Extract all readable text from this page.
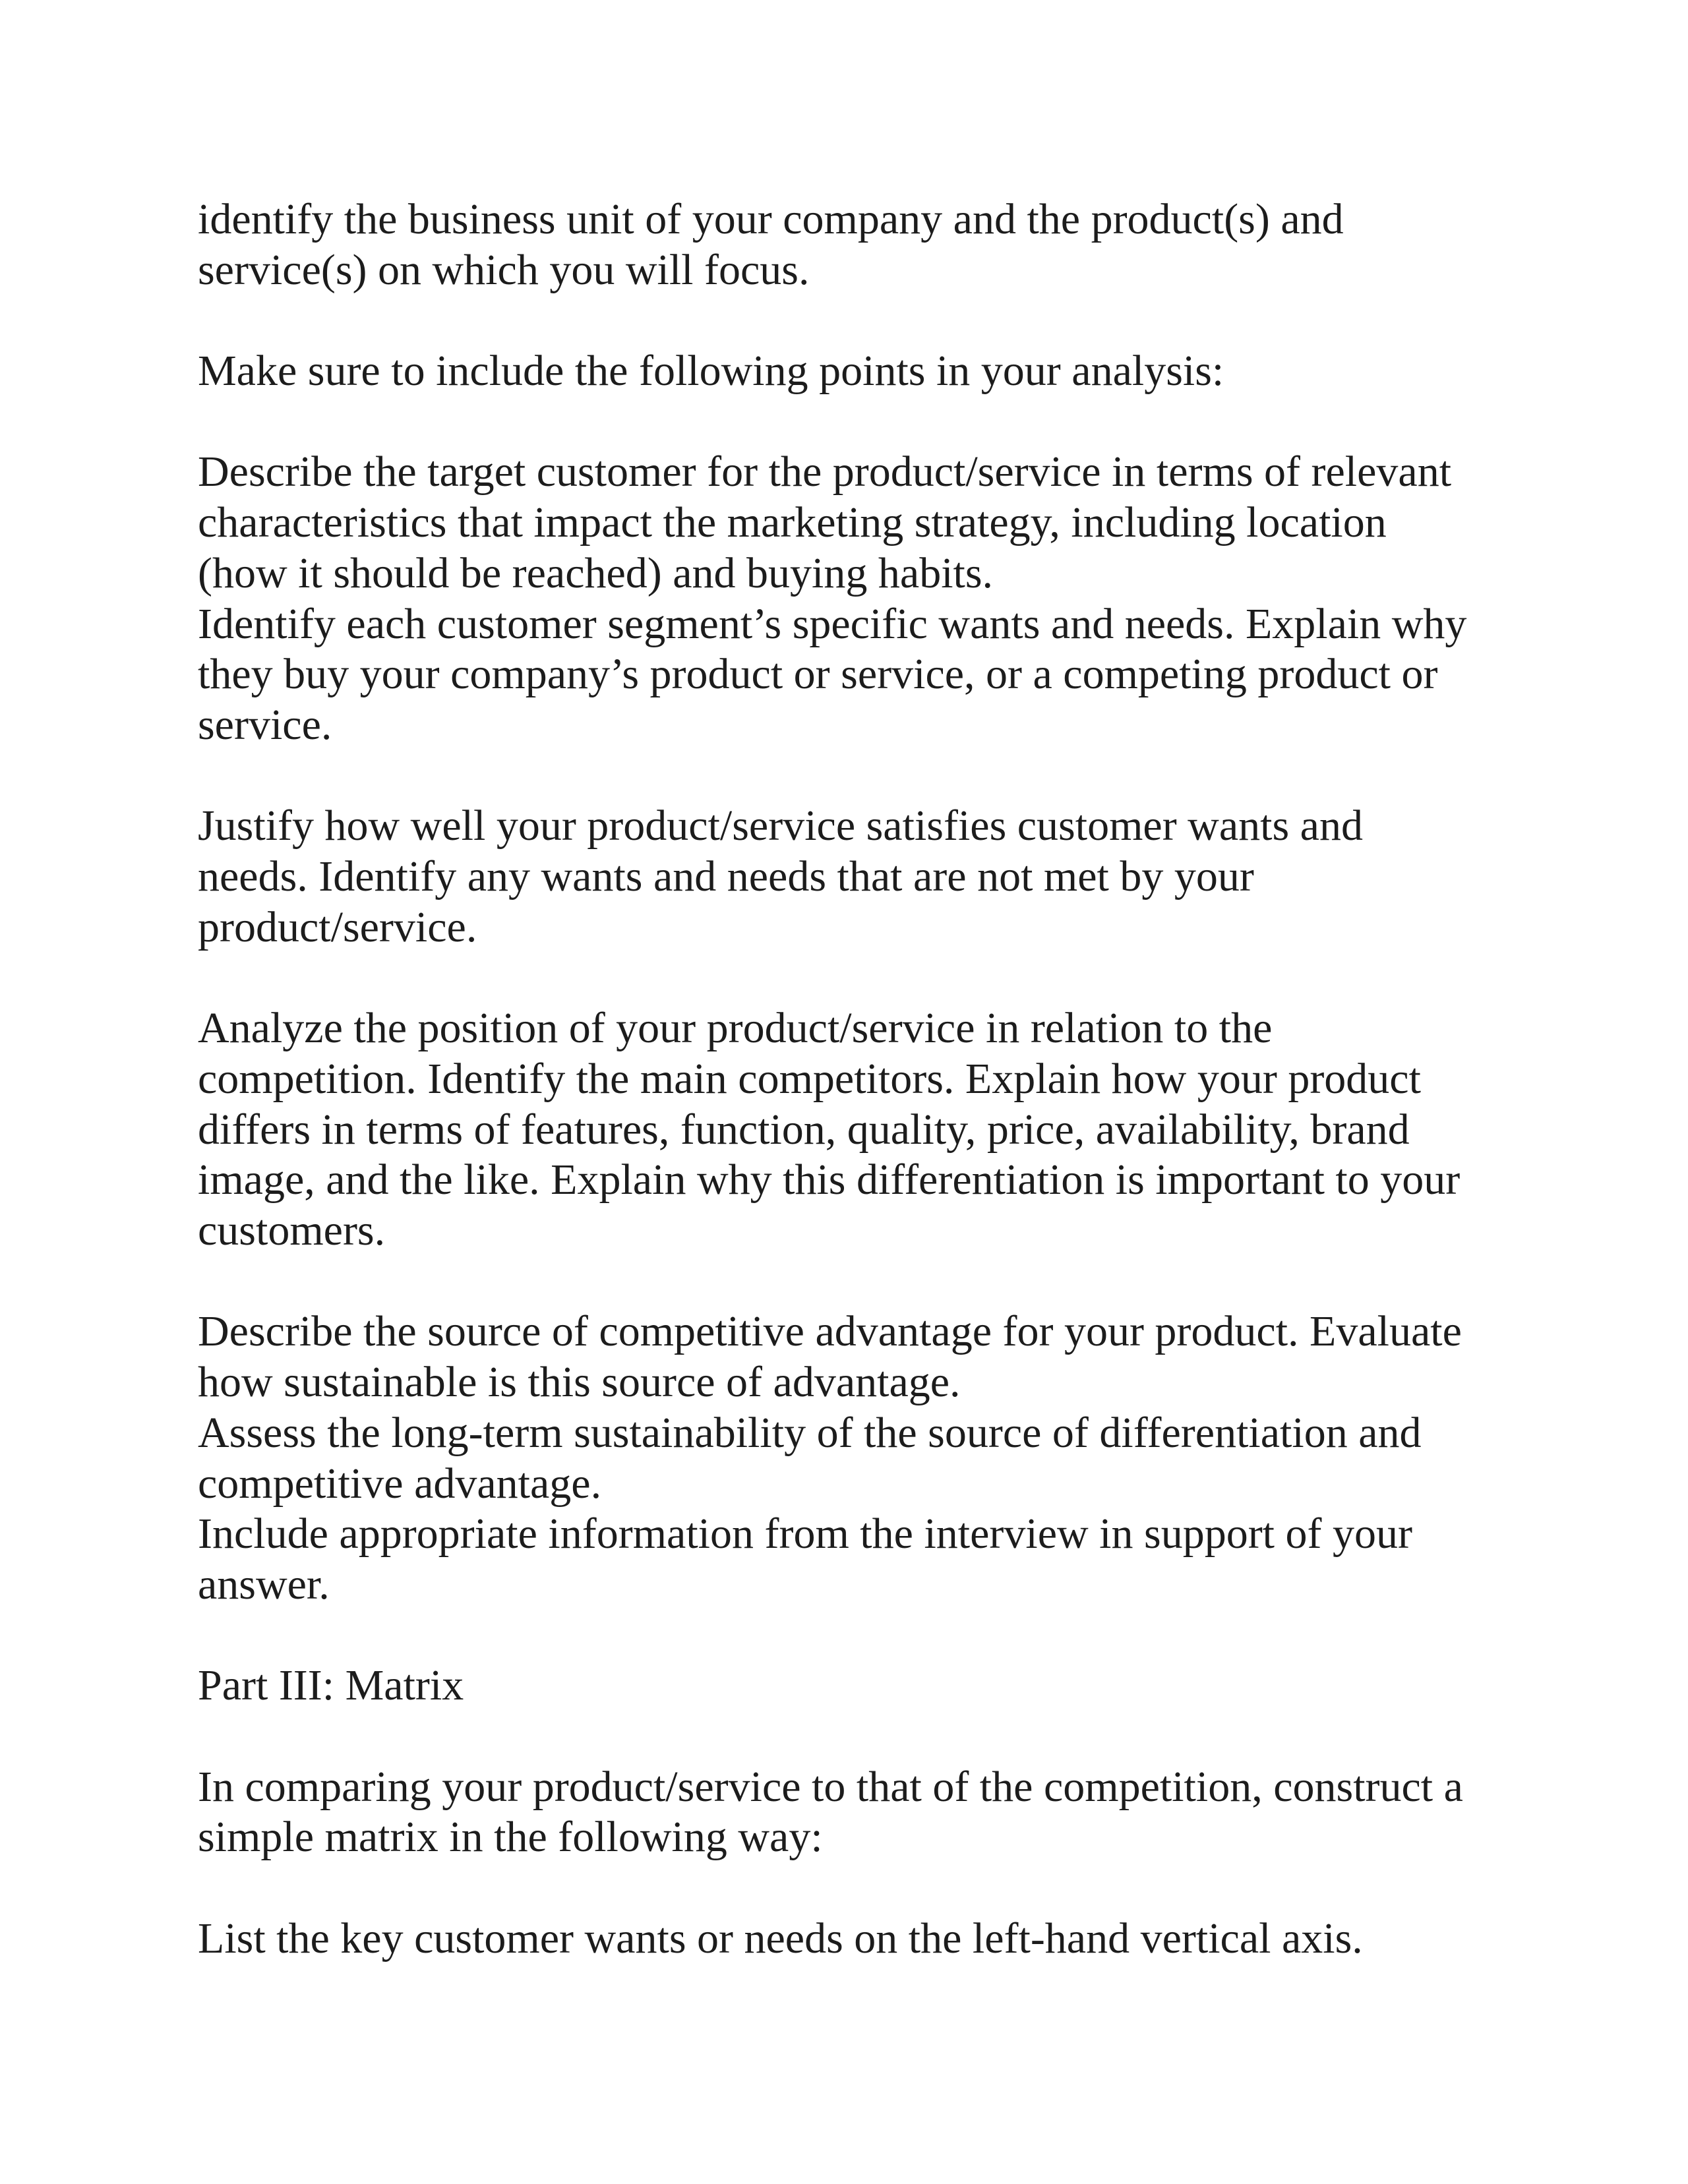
identify the business unit of your company and the product(s) and
service(s) on which you will focus.

Make sure to include the following points in your analysis:

Describe the target customer for the product/service in terms of relevant
characteristics that impact the marketing strategy, including location
(how it should be reached) and buying habits.
Identify each customer segment’s specific wants and needs. Explain why
they buy your company’s product or service, or a competing product or
service.

Justify how well your product/service satisfies customer wants and
needs. Identify any wants and needs that are not met by your
product/service.

Analyze the position of your product/service in relation to the
competition. Identify the main competitors. Explain how your product
differs in terms of features, function, quality, price, availability, brand
image, and the like. Explain why this differentiation is important to your
customers.

Describe the source of competitive advantage for your product. Evaluate
how sustainable is this source of advantage.
Assess the long-term sustainability of the source of differentiation and
competitive advantage.
Include appropriate information from the interview in support of your
answer.

Part III: Matrix

In comparing your product/service to that of the competition, construct a
simple matrix in the following way:

List the key customer wants or needs on the left-hand vertical axis.
